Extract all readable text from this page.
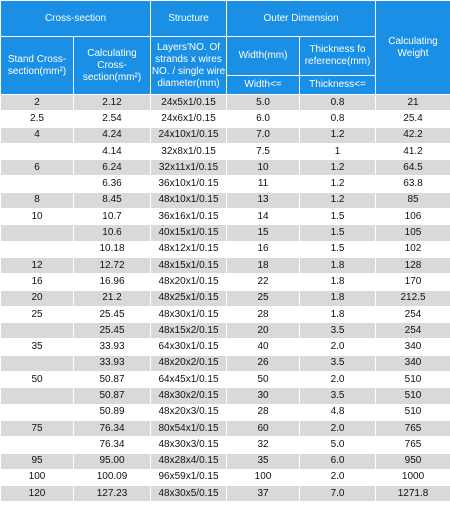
Cross-section		Structure	Outer Dimension		Calculating Weight
Stand Cross-section(mm²)	Calculating Cross-section(mm²)	Layers'NO. Of strands x wires NO. / single wire diameter(mm)	Width(mm)	Thickness fo reference(mm)	
			Width<=	Thickness<=	
2	2.12	24x5x1/0.15	5.0	0.8	21
2.5	2.54	24x6x1/0.15	6.0	0.8	25.4
4	4.24	24x10x1/0.15	7.0	1.2	42.2
	4.14	32x8x1/0.15	7.5	1	41.2
6	6.24	32x11x1/0.15	10	1.2	64.5
	6.36	36x10x1/0.15	11	1.2	63.8
8	8.45	48x10x1/0.15	13	1.2	85
10	10.7	36x16x1/0.15	14	1.5	106
	10.6	40x15x1/0.15	15	1.5	105
	10.18	48x12x1/0.15	16	1.5	102
12	12.72	48x15x1/0.15	18	1.8	128
16	16.96	48x20x1/0.15	22	1.8	170
20	21.2	48x25x1/0.15	25	1.8	212.5
25	25.45	48x30x1/0.15	28	1.8	254
	25.45	48x15x2/0.15	20	3.5	254
35	33.93	64x30x1/0.15	40	2.0	340
	33.93	48x20x2/0.15	26	3.5	340
50	50.87	64x45x1/0.15	50	2.0	510
	50.87	48x30x2/0.15	30	3.5	510
	50.89	48x20x3/0.15	28	4.8	510
75	76.34	80x54x1/0.15	60	2.0	765
	76.34	48x30x3/0.15	32	5.0	765
95	95.00	48x28x4/0.15	35	6.0	950
100	100.09	96x59x1/0.15	100	2.0	1000
120	127.23	48x30x5/0.15	37	7.0	1271.8
